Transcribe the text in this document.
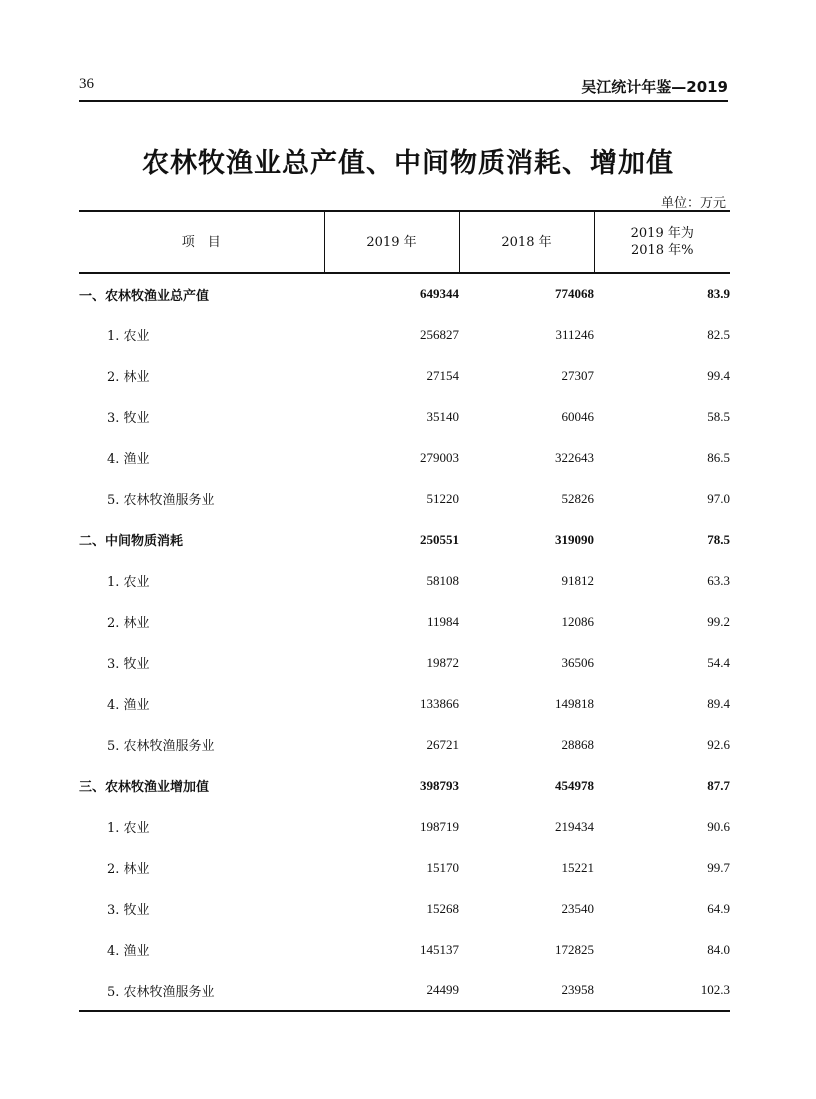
36	吴江统计年鉴—2019
农林牧渔业总产值、中间物质消耗、增加值
单位：万元
项　目	2019 年	2018 年	2019 年为
2018 年%
一、农林牧渔业总产值	649344	774068	83.9
1. 农业	256827	311246	82.5
2. 林业	27154	27307	99.4
3. 牧业	35140	60046	58.5
4. 渔业	279003	322643	86.5
5. 农林牧渔服务业	51220	52826	97.0
二、中间物质消耗	250551	319090	78.5
1. 农业	58108	91812	63.3
2. 林业	11984	12086	99.2
3. 牧业	19872	36506	54.4
4. 渔业	133866	149818	89.4
5. 农林牧渔服务业	26721	28868	92.6
三、农林牧渔业增加值	398793	454978	87.7
1. 农业	198719	219434	90.6
2. 林业	15170	15221	99.7
3. 牧业	15268	23540	64.9
4. 渔业	145137	172825	84.0
5. 农林牧渔服务业	24499	23958	102.3
